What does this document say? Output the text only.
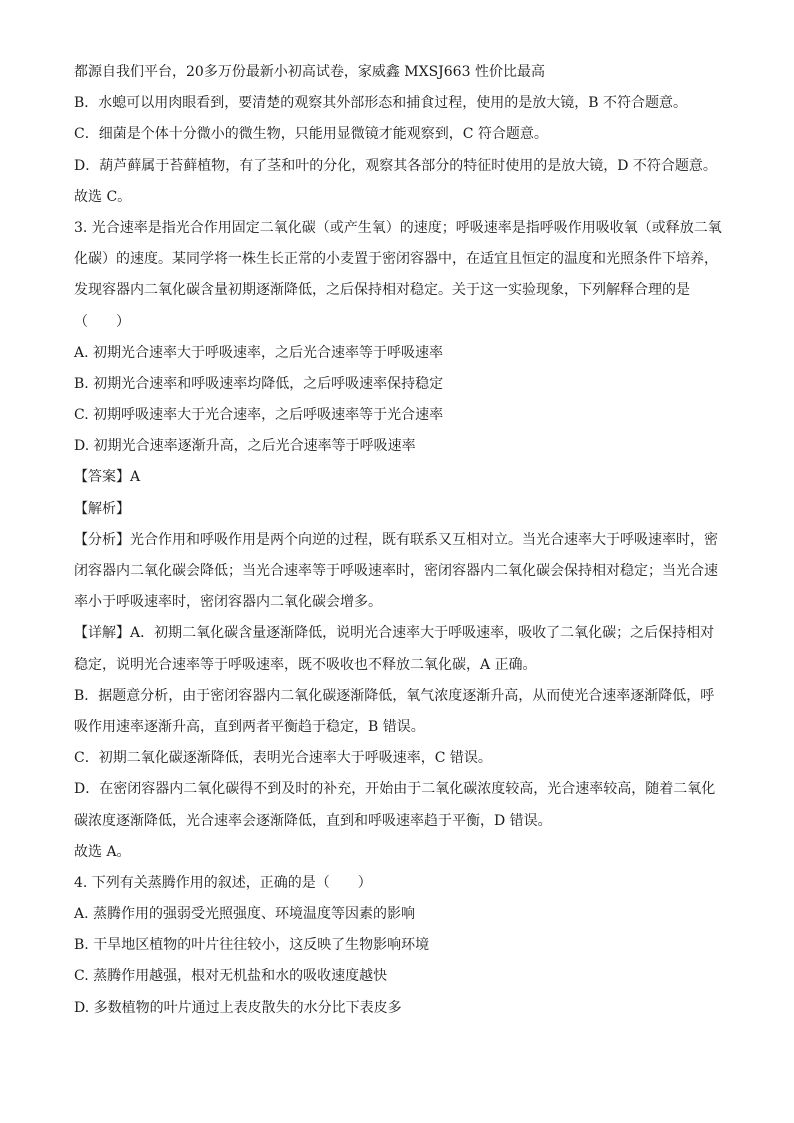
都源自我们平台，20多万份最新小初高试卷，家威鑫 MXSJ663 性价比最高
B．水螅可以用肉眼看到，要清楚的观察其外部形态和捕食过程，使用的是放大镜，B 不符合题意。
C．细菌是个体十分微小的微生物，只能用显微镜才能观察到，C 符合题意。
D．葫芦藓属于苔藓植物，有了茎和叶的分化，观察其各部分的特征时使用的是放大镜，D 不符合题意。
故选 C。
3. 光合速率是指光合作用固定二氧化碳（或产生氧）的速度；呼吸速率是指呼吸作用吸收氧（或释放二氧
化碳）的速度。某同学将一株生长正常的小麦置于密闭容器中，在适宜且恒定的温度和光照条件下培养，
发现容器内二氧化碳含量初期逐渐降低，之后保持相对稳定。关于这一实验现象，下列解释合理的是
（　　）
A. 初期光合速率大于呼吸速率，之后光合速率等于呼吸速率
B. 初期光合速率和呼吸速率均降低，之后呼吸速率保持稳定
C. 初期呼吸速率大于光合速率，之后呼吸速率等于光合速率
D. 初期光合速率逐渐升高，之后光合速率等于呼吸速率
【答案】A
【解析】
【分析】光合作用和呼吸作用是两个向逆的过程，既有联系又互相对立。当光合速率大于呼吸速率时，密
闭容器内二氧化碳会降低；当光合速率等于呼吸速率时，密闭容器内二氧化碳会保持相对稳定；当光合速
率小于呼吸速率时，密闭容器内二氧化碳会增多。
【详解】A．初期二氧化碳含量逐渐降低，说明光合速率大于呼吸速率，吸收了二氧化碳；之后保持相对
稳定，说明光合速率等于呼吸速率，既不吸收也不释放二氧化碳，A 正确。
B．据题意分析，由于密闭容器内二氧化碳逐渐降低，氧气浓度逐渐升高，从而使光合速率逐渐降低，呼
吸作用速率逐渐升高，直到两者平衡趋于稳定，B 错误。
C．初期二氧化碳逐渐降低，表明光合速率大于呼吸速率，C 错误。
D．在密闭容器内二氧化碳得不到及时的补充，开始由于二氧化碳浓度较高，光合速率较高，随着二氧化
碳浓度逐渐降低，光合速率会逐渐降低，直到和呼吸速率趋于平衡，D 错误。
故选 A。
4. 下列有关蒸腾作用的叙述，正确的是（　　）
A. 蒸腾作用的强弱受光照强度、环境温度等因素的影响
B. 干旱地区植物的叶片往往较小，这反映了生物影响环境
C. 蒸腾作用越强，根对无机盐和水的吸收速度越快
D. 多数植物的叶片通过上表皮散失的水分比下表皮多
